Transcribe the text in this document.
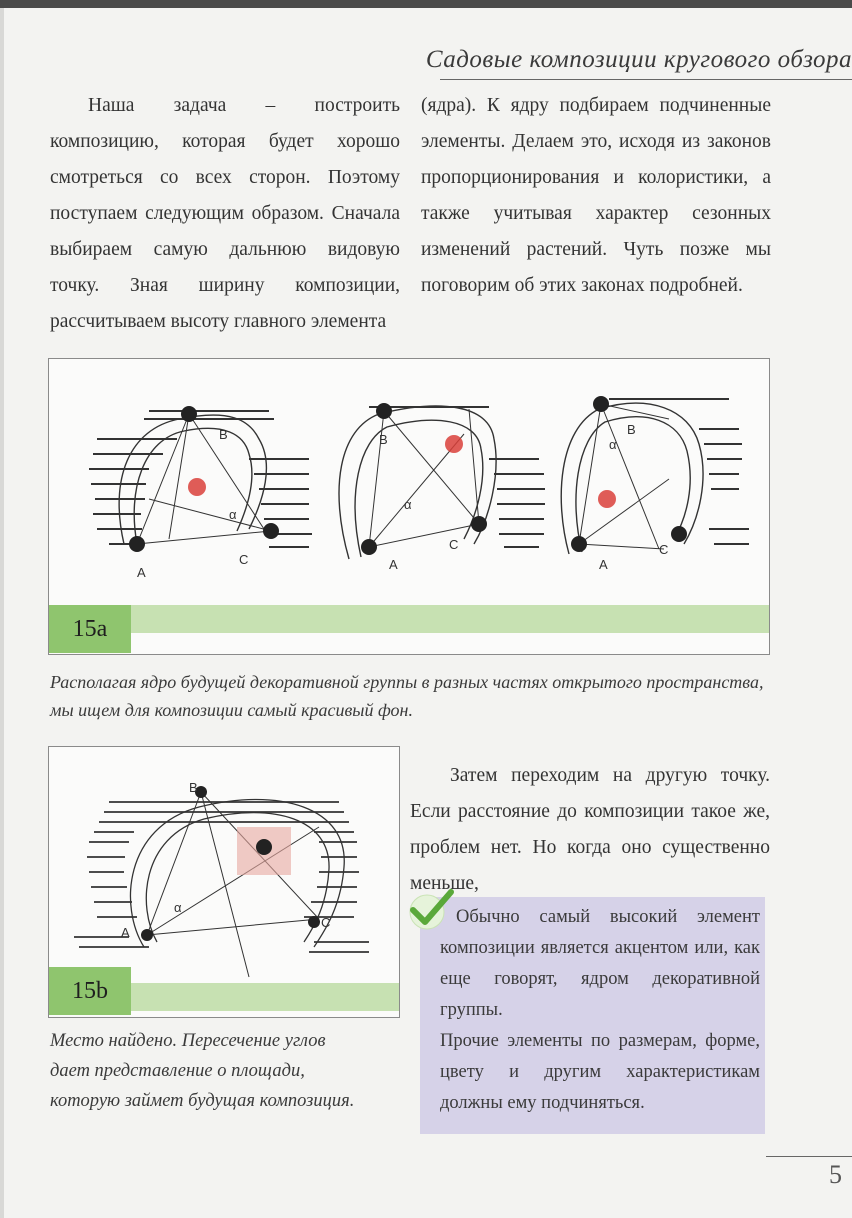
Садовые композиции кругового обзора

Наша задача – построить композицию, которая будет хорошо смотреться со всех сторон. Поэтому поступаем следующим образом. Сначала выбираем самую дальнюю видовую точку. Зная ширину композиции, рассчитываем высоту главного элемента

(ядра). К ядру подбираем подчиненные элементы. Делаем это, исходя из законов пропорционирования и колористики, а также учитывая характер сезонных изменений растений. Чуть позже мы поговорим об этих законах подробней.

A
B
C
α
A
B
C
α
A
B
C
α
15а
Располагая ядро будущей декоративной группы в разных частях открытого пространства, мы ищем для композиции самый красивый фон.
A
B
C
α
15b
Место найдено. Пересечение углов дает представление о площади, которую займет будущая композиция.

Затем переходим на другую точку. Если расстояние до композиции такое же, проблем нет. Но когда оно существенно меньше,

Обычно самый высокий элемент композиции является акцентом или, как еще говорят, ядром декоративной группы.

Прочие элементы по размерам, форме, цвету и другим характеристикам должны ему подчиняться.

5
